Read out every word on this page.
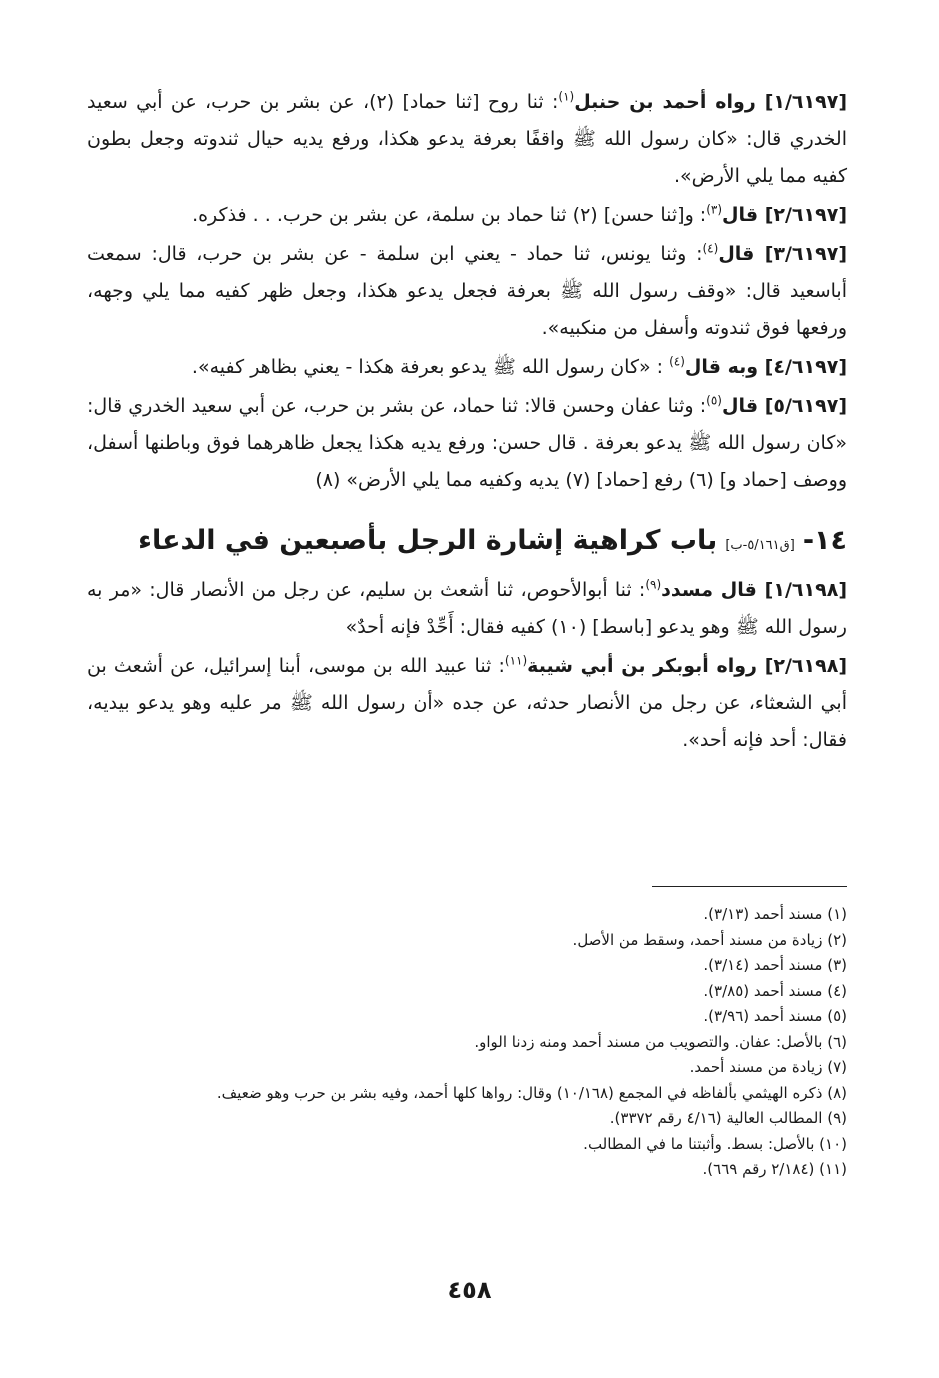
[١/٦١٩٧] رواه أحمد بن حنبل$^{(١)}$: ثنا روح [ثنا حماد] (٢)، عن بشر بن حرب، عن أبي سعيد الخدري قال: «كان رسول الله ﷺ واقفًا بعرفة يدعو هكذا، ورفع يديه حيال ثندوته وجعل بطون كفيه مما يلي الأرض».

[٢/٦١٩٧] قال$^{(٣)}$: و[ثنا حسن] (٢) ثنا حماد بن سلمة، عن بشر بن حرب. . . فذكره.

[٣/٦١٩٧] قال$^{(٤)}$: وثنا يونس، ثنا حماد - يعني ابن سلمة - عن بشر بن حرب، قال: سمعت أباسعيد قال: «وقف رسول الله ﷺ بعرفة فجعل يدعو هكذا، وجعل ظهر كفيه مما يلي وجهه، ورفعها فوق ثندوته وأسفل من منكبيه».

[٤/٦١٩٧] وبه قال$^{(٤)}$ : «كان رسول الله ﷺ يدعو بعرفة هكذا - يعني بظاهر كفيه».

[٥/٦١٩٧] قال$^{(٥)}$: وثنا عفان وحسن قالا: ثنا حماد، عن بشر بن حرب، عن أبي سعيد الخدري قال: «كان رسول الله ﷺ يدعو بعرفة . قال حسن: ورفع يديه هكذا يجعل ظاهرهما فوق وباطنها أسفل، ووصف [حماد و] (٦) رفع [حماد] (٧) يديه وكفيه مما يلي الأرض» (٨)

١٤-[ق٥/١٦١-ب]باب كراهية إشارة الرجل بأصبعين في الدعاء

[١/٦١٩٨] قال مسدد$^{(٩)}$: ثنا أبوالأحوص، ثنا أشعث بن سليم، عن رجل من الأنصار قال: «مر به رسول الله ﷺ وهو يدعو [باسط] (١٠) كفيه فقال: أَحِّدْ فإنه أحدٌ»

[٢/٦١٩٨] رواه أبوبكر بن أبي شيبة$^{(١١)}$: ثنا عبيد الله بن موسى، أبنا إسرائيل، عن أشعث بن أبي الشعثاء، عن رجل من الأنصار حدثه، عن جده «أن رسول الله ﷺ مر عليه وهو يدعو بيديه، فقال: أحد فإنه أحد».

(١) مسند أحمد (٣/١٣).

(٢) زيادة من مسند أحمد، وسقط من الأصل.

(٣) مسند أحمد (٣/١٤).

(٤) مسند أحمد (٣/٨٥).

(٥) مسند أحمد (٣/٩٦).

(٦) بالأصل: عفان. والتصويب من مسند أحمد ومنه زدنا الواو.

(٧) زيادة من مسند أحمد.

(٨) ذكره الهيثمي بألفاظه في المجمع (١٠/١٦٨) وقال: رواها كلها أحمد، وفيه بشر بن حرب وهو ضعيف.

(٩) المطالب العالية (٤/١٦ رقم ٣٣٧٢).

(١٠) بالأصل: بسط. وأثبتنا ما في المطالب.

(١١) (٢/١٨٤ رقم ٦٦٩).

٤٥٨
